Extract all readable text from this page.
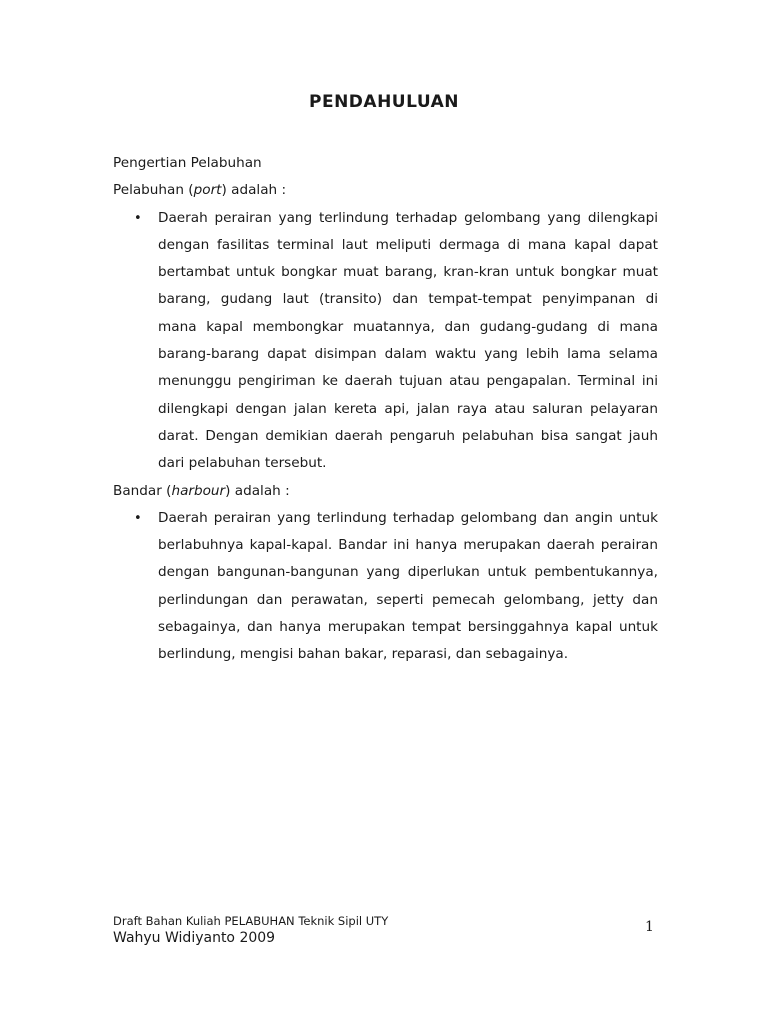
PENDAHULUAN

Pengertian Pelabuhan

Pelabuhan (port) adalah :

• Daerah perairan yang terlindung terhadap gelombang yang dilengkapi dengan fasilitas terminal laut meliputi dermaga di mana kapal dapat bertambat untuk bongkar muat barang, kran-kran untuk bongkar muat barang, gudang laut (transito) dan tempat-tempat penyimpanan di mana kapal membongkar muatannya, dan gudang-gudang di mana barang-barang dapat disimpan dalam waktu yang lebih lama selama menunggu pengiriman ke daerah tujuan atau pengapalan. Terminal ini dilengkapi dengan jalan kereta api, jalan raya atau saluran pelayaran darat. Dengan demikian daerah pengaruh pelabuhan bisa sangat jauh dari pelabuhan tersebut.

Bandar (harbour) adalah :

• Daerah perairan yang terlindung terhadap gelombang dan angin untuk berlabuhnya kapal-kapal. Bandar ini hanya merupakan daerah perairan dengan bangunan-bangunan yang diperlukan untuk pembentukannya, perlindungan dan perawatan, seperti pemecah gelombang, jetty dan sebagainya, dan hanya merupakan tempat bersinggahnya kapal untuk berlindung, mengisi bahan bakar, reparasi, dan sebagainya.

Draft Bahan Kuliah PELABUHAN Teknik Sipil UTY
Wahyu Widiyanto 2009
1
